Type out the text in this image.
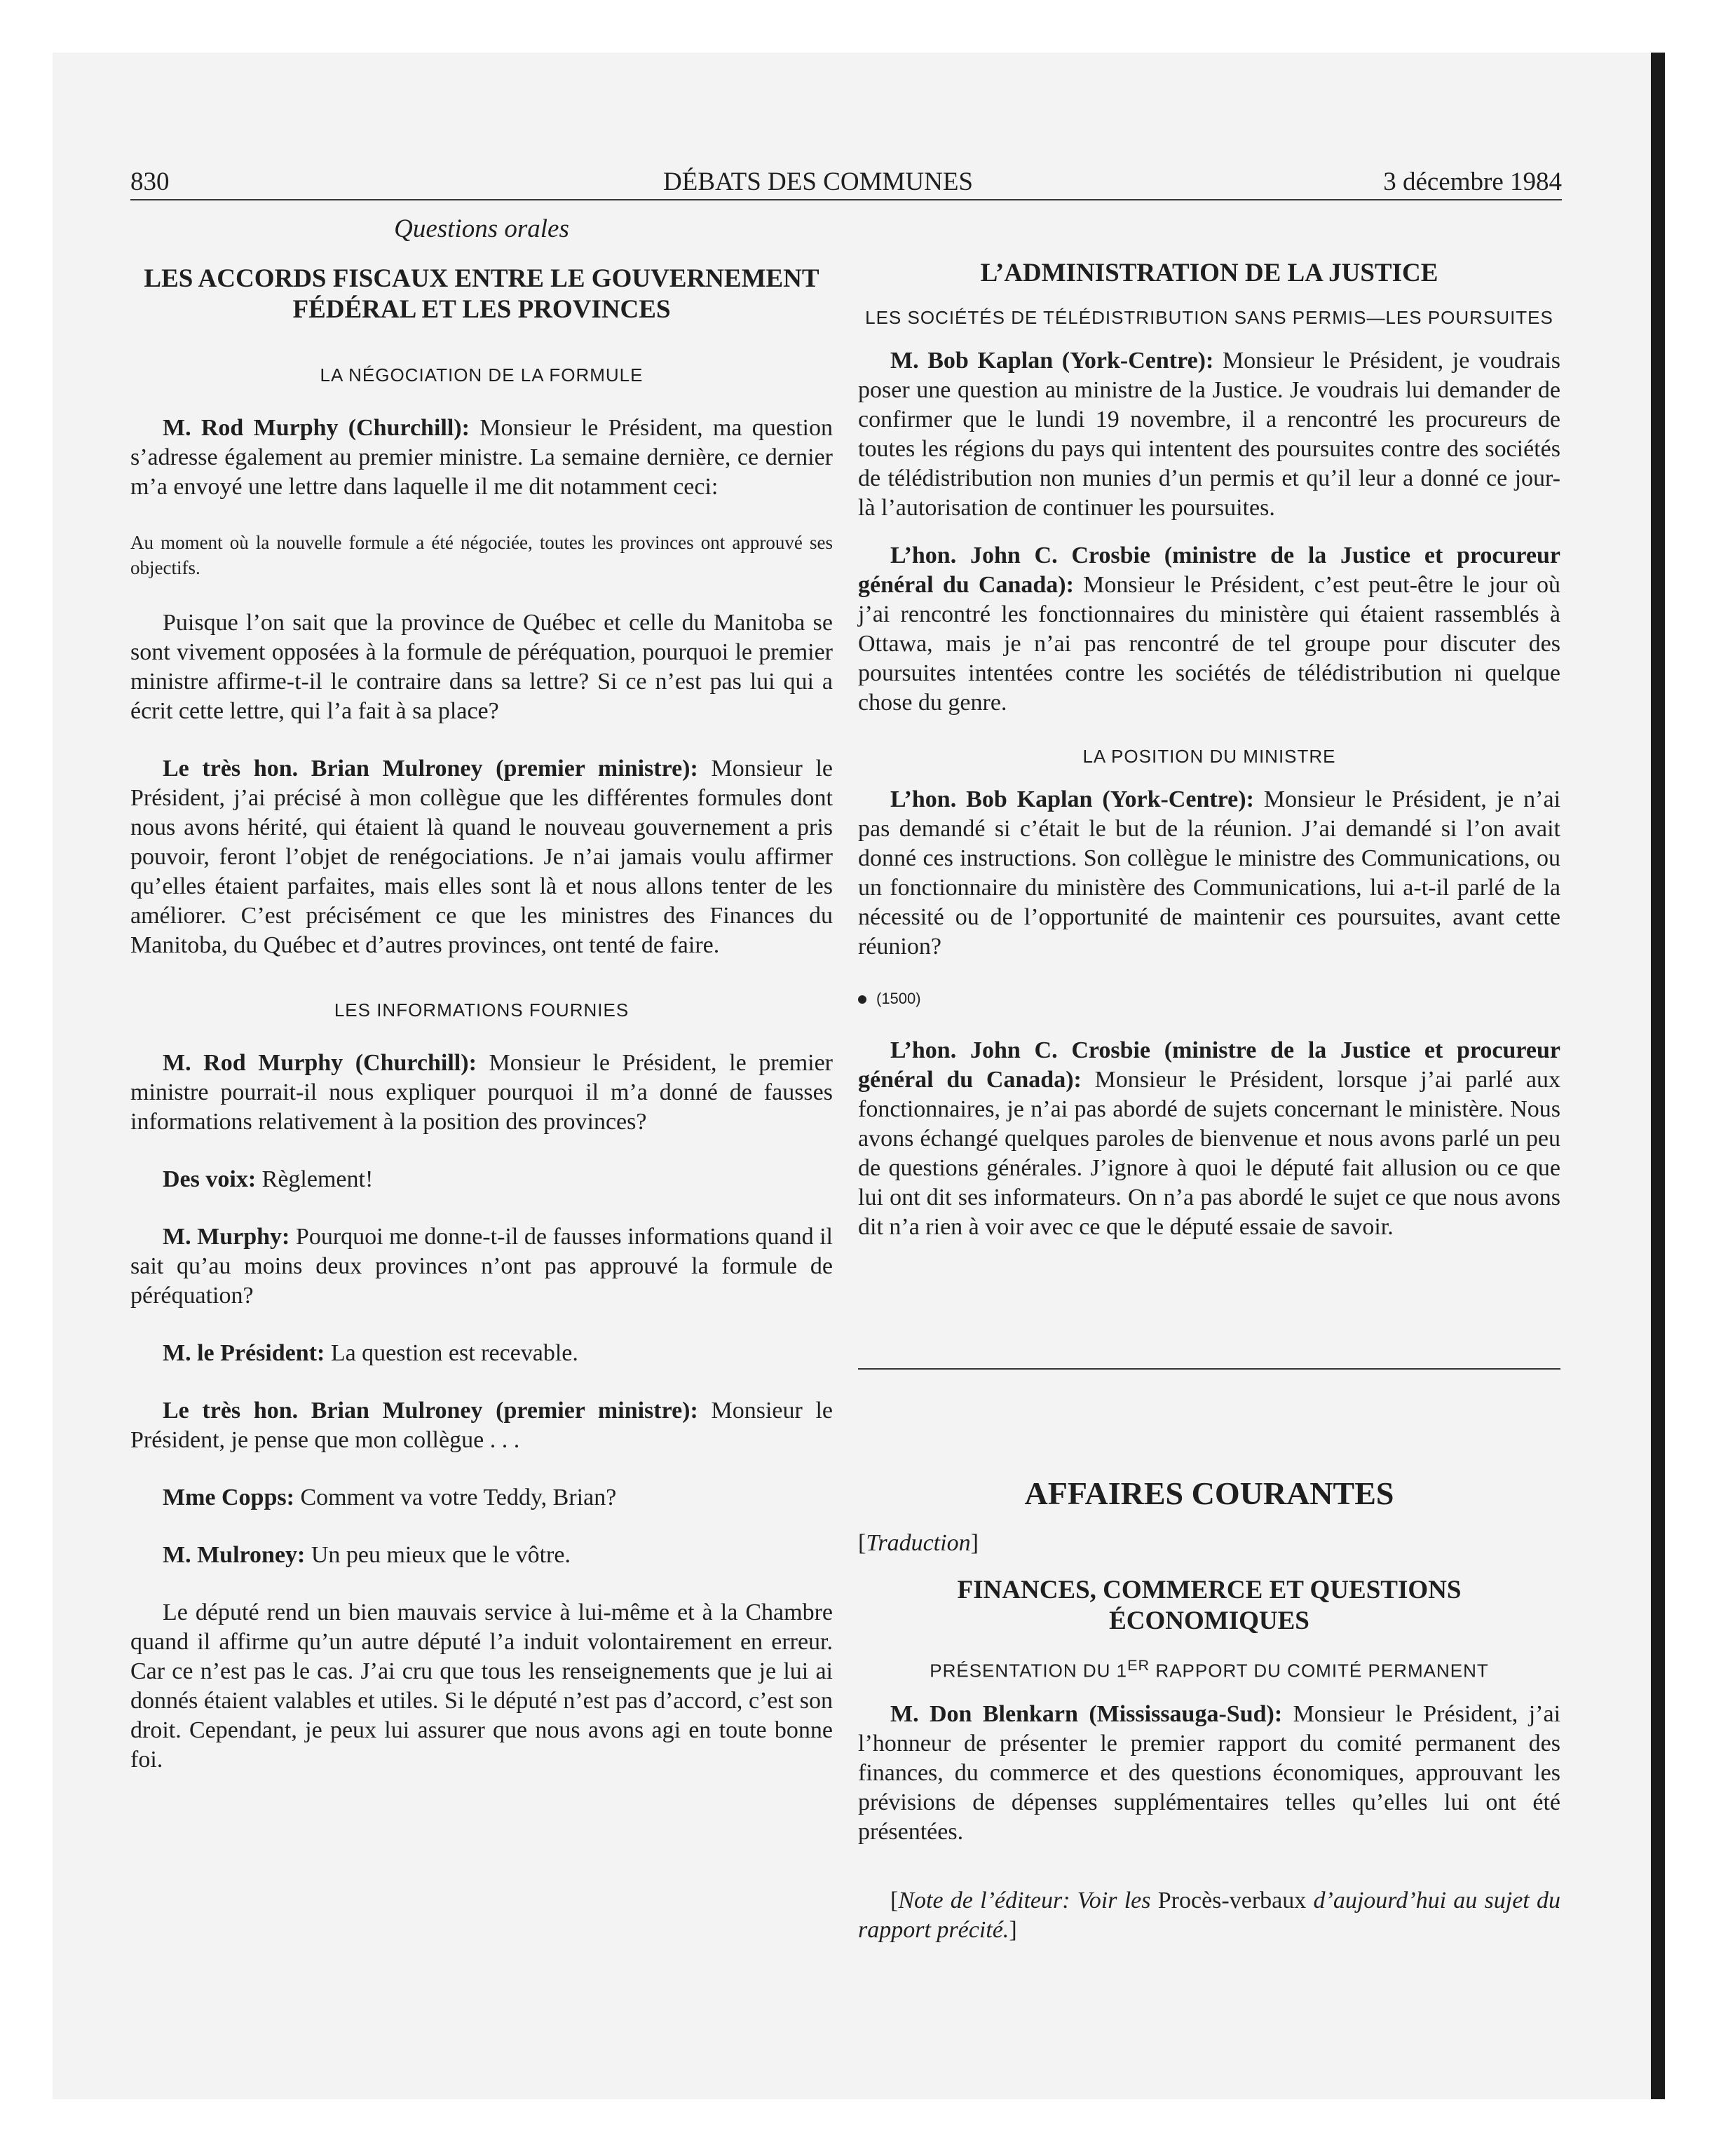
830	DÉBATS DES COMMUNES	3 décembre 1984
Questions orales
LES ACCORDS FISCAUX ENTRE LE GOUVERNEMENT FÉDÉRAL ET LES PROVINCES
LA NÉGOCIATION DE LA FORMULE

M. Rod Murphy (Churchill): Monsieur le Président, ma question s’adresse également au premier ministre. La semaine dernière, ce dernier m’a envoyé une lettre dans laquelle il me dit notamment ceci:

Au moment où la nouvelle formule a été négociée, toutes les provinces ont approuvé ses objectifs.

Puisque l’on sait que la province de Québec et celle du Manitoba se sont vivement opposées à la formule de péréquation, pourquoi le premier ministre affirme-t-il le contraire dans sa lettre? Si ce n’est pas lui qui a écrit cette lettre, qui l’a fait à sa place?

Le très hon. Brian Mulroney (premier ministre): Monsieur le Président, j’ai précisé à mon collègue que les différentes formules dont nous avons hérité, qui étaient là quand le nouveau gouvernement a pris pouvoir, feront l’objet de renégociations. Je n’ai jamais voulu affirmer qu’elles étaient parfaites, mais elles sont là et nous allons tenter de les améliorer. C’est précisément ce que les ministres des Finances du Manitoba, du Québec et d’autres provinces, ont tenté de faire.

LES INFORMATIONS FOURNIES

M. Rod Murphy (Churchill): Monsieur le Président, le premier ministre pourrait-il nous expliquer pourquoi il m’a donné de fausses informations relativement à la position des provinces?

Des voix: Règlement!

M. Murphy: Pourquoi me donne-t-il de fausses informations quand il sait qu’au moins deux provinces n’ont pas approuvé la formule de péréquation?

M. le Président: La question est recevable.

Le très hon. Brian Mulroney (premier ministre): Monsieur le Président, je pense que mon collègue . . .

Mme Copps: Comment va votre Teddy, Brian?

M. Mulroney: Un peu mieux que le vôtre.

Le député rend un bien mauvais service à lui-même et à la Chambre quand il affirme qu’un autre député l’a induit volontairement en erreur. Car ce n’est pas le cas. J’ai cru que tous les renseignements que je lui ai donnés étaient valables et utiles. Si le député n’est pas d’accord, c’est son droit. Cependant, je peux lui assurer que nous avons agi en toute bonne foi.

L’ADMINISTRATION DE LA JUSTICE
LES SOCIÉTÉS DE TÉLÉDISTRIBUTION SANS PERMIS—LES POURSUITES

M. Bob Kaplan (York-Centre): Monsieur le Président, je voudrais poser une question au ministre de la Justice. Je voudrais lui demander de confirmer que le lundi 19 novembre, il a rencontré les procureurs de toutes les régions du pays qui intentent des poursuites contre des sociétés de télédistribution non munies d’un permis et qu’il leur a donné ce jour-là l’autorisation de continuer les poursuites.

L’hon. John C. Crosbie (ministre de la Justice et procureur général du Canada): Monsieur le Président, c’est peut-être le jour où j’ai rencontré les fonctionnaires du ministère qui étaient rassemblés à Ottawa, mais je n’ai pas rencontré de tel groupe pour discuter des poursuites intentées contre les sociétés de télédistribution ni quelque chose du genre.

LA POSITION DU MINISTRE

L’hon. Bob Kaplan (York-Centre): Monsieur le Président, je n’ai pas demandé si c’était le but de la réunion. J’ai demandé si l’on avait donné ces instructions. Son collègue le ministre des Communications, ou un fonctionnaire du ministère des Communications, lui a-t-il parlé de la nécessité ou de l’opportunité de maintenir ces poursuites, avant cette réunion?

(1500)

L’hon. John C. Crosbie (ministre de la Justice et procureur général du Canada): Monsieur le Président, lorsque j’ai parlé aux fonctionnaires, je n’ai pas abordé de sujets concernant le ministère. Nous avons échangé quelques paroles de bienvenue et nous avons parlé un peu de questions générales. J’ignore à quoi le député fait allusion ou ce que lui ont dit ses informateurs. On n’a pas abordé le sujet ce que nous avons dit n’a rien à voir avec ce que le député essaie de savoir.

AFFAIRES COURANTES
[Traduction]
FINANCES, COMMERCE ET QUESTIONS ÉCONOMIQUES
PRÉSENTATION DU 1ER RAPPORT DU COMITÉ PERMANENT

M. Don Blenkarn (Mississauga-Sud): Monsieur le Président, j’ai l’honneur de présenter le premier rapport du comité permanent des finances, du commerce et des questions économiques, approuvant les prévisions de dépenses supplémentaires telles qu’elles lui ont été présentées.

[Note de l’éditeur: Voir les Procès-verbaux d’aujourd’hui au sujet du rapport précité.]
